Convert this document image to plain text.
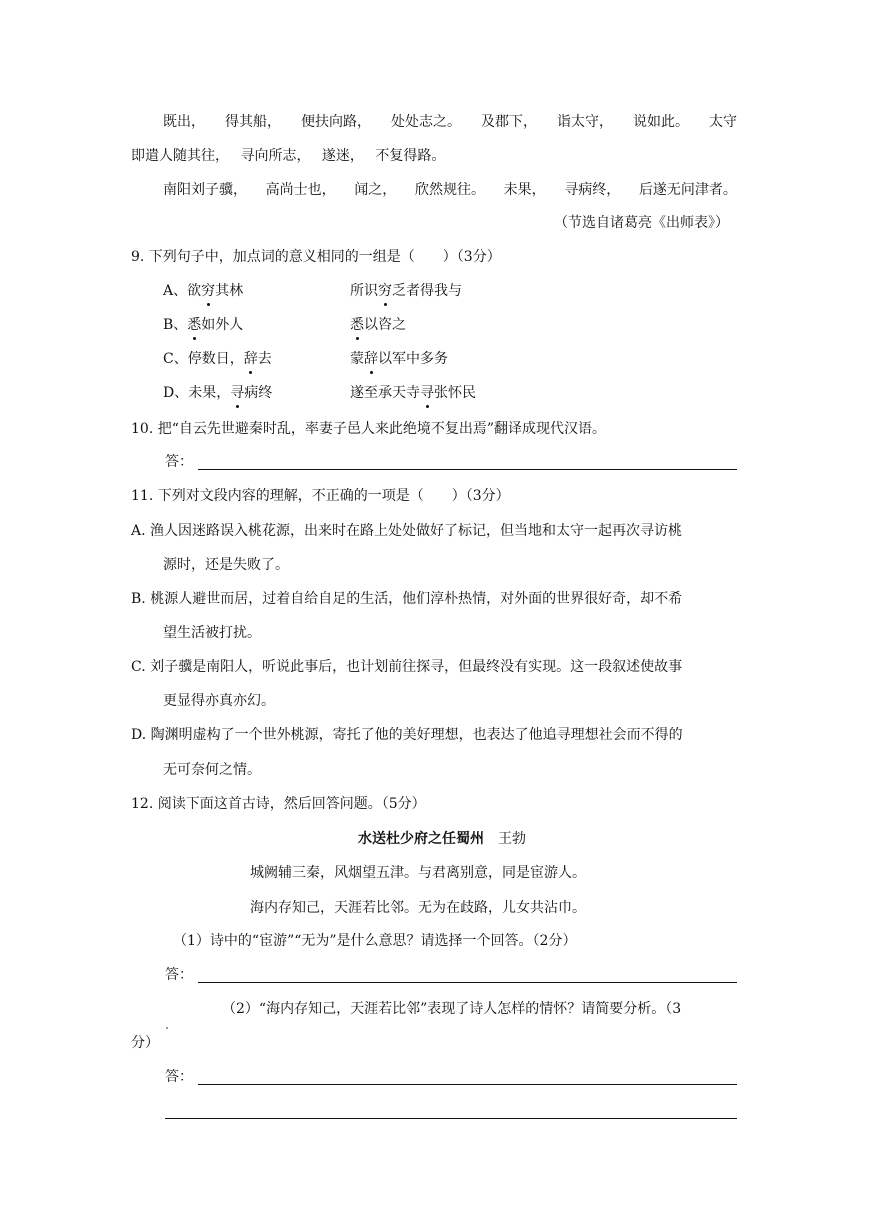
既出， 得其船， 便扶向路， 处处志之。 及郡下， 诣太守， 说如此。 太守
即遣人随其往，　 寻向所志，　 遂迷，　 不复得路。
南阳刘子骥， 高尚士也， 闻之， 欣然规往。 未果， 寻病终， 后遂无问津者。
（节选自诸葛亮《出师表》）
9. 下列句子中，加点词的意义相同的一组是（　　）（3分）
A、欲穷其林	所识穷乏者得我与
B、悉如外人	悉以咨之
C、停数日，辞去	蒙辞以军中多务
D、未果，寻病终	遂至承天寺寻张怀民
10. 把“自云先世避秦时乱，率妻子邑人来此绝境不复出焉”翻译成现代汉语。
答：
11. 下列对文段内容的理解，不正确的一项是（　　）（3分）
A. 渔人因迷路误入桃花源，出来时在路上处处做好了标记，但当地和太守一起再次寻访桃
源时，还是失败了。
B. 桃源人避世而居，过着自给自足的生活，他们淳朴热情，对外面的世界很好奇，却不希
望生活被打扰。
C. 刘子骥是南阳人，听说此事后，也计划前往探寻，但最终没有实现。这一段叙述使故事
更显得亦真亦幻。
D. 陶渊明虚构了一个世外桃源，寄托了他的美好理想，也表达了他追寻理想社会而不得的
无可奈何之情。
12. 阅读下面这首古诗，然后回答问题。（5分）
水送杜少府之任蜀州 王勃
城阙辅三秦，风烟望五津。与君离别意，同是宦游人。
海内存知己，天涯若比邻。无为在歧路，儿女共沾巾。
（1）诗中的“宦游”“无为”是什么意思？请选择一个回答。（2分）
答：
（2）“海内存知己，天涯若比邻”表现了诗人怎样的情怀？请简要分析。（3
分）
答：
